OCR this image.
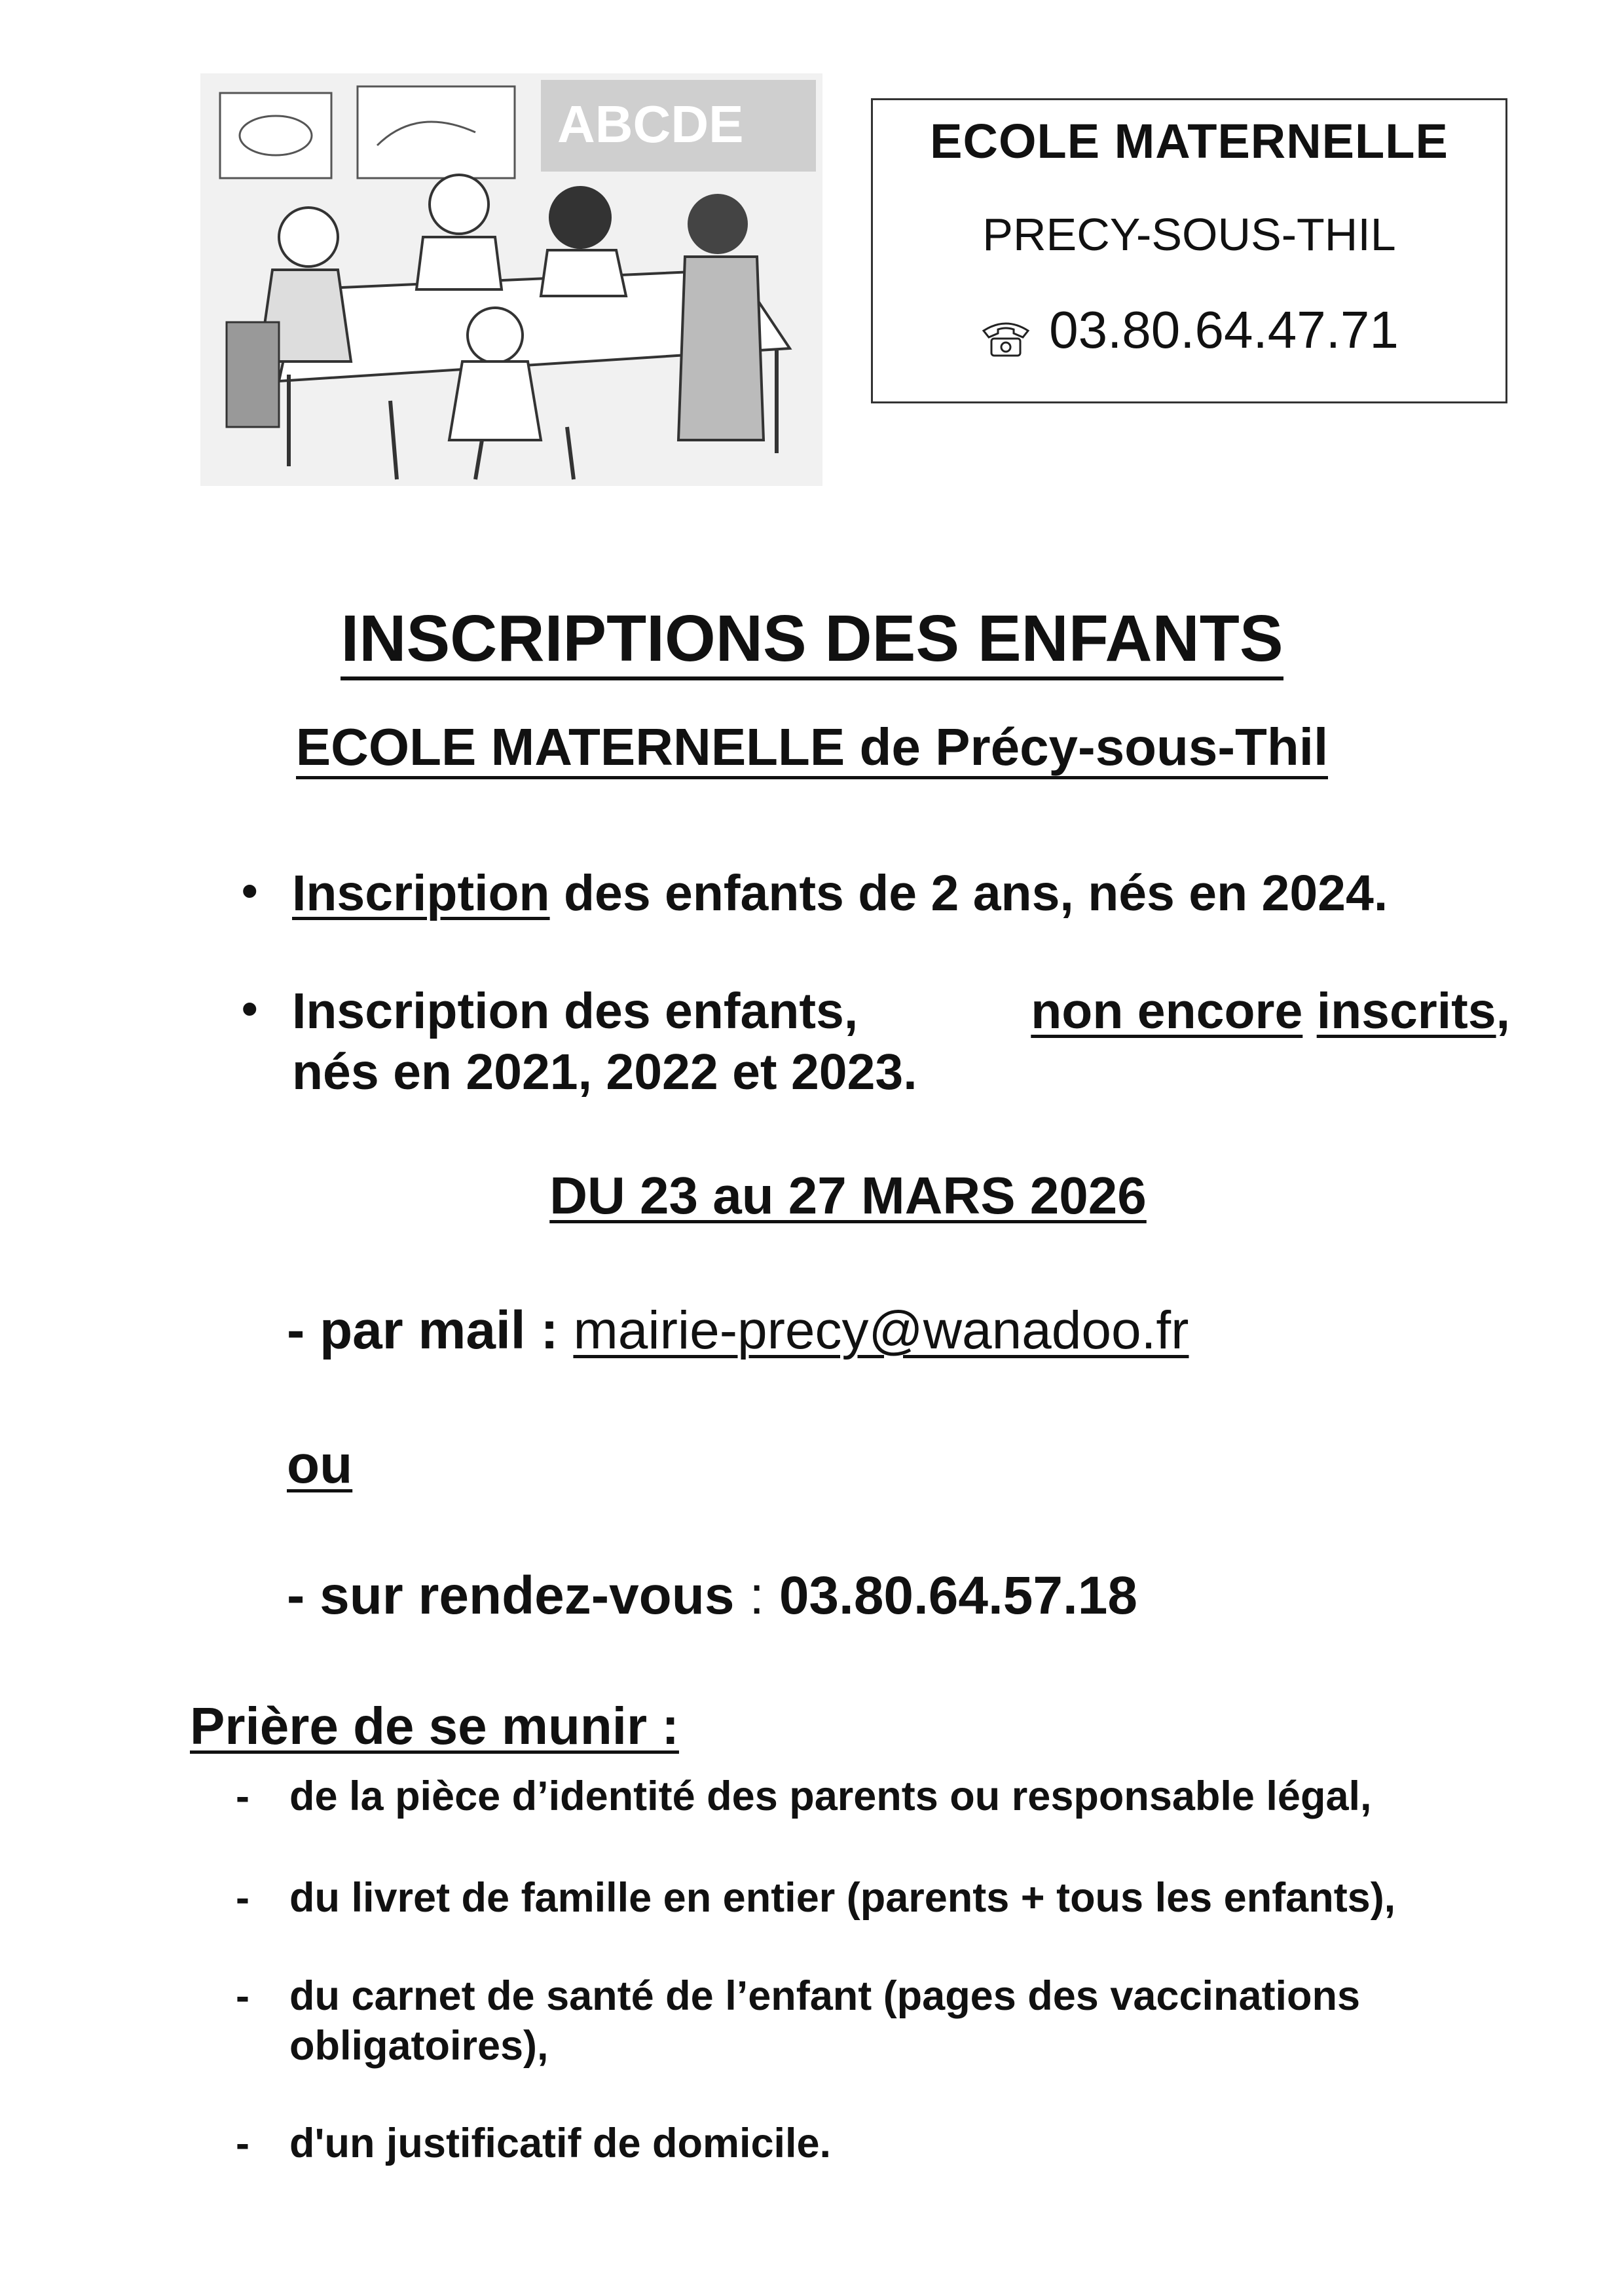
ABCDE	ECOLE MATERNELLE
PRECY-SOUS-THIL
03.80.64.47.71
INSCRIPTIONS DES ENFANTS
ECOLE MATERNELLE de Précy-sous-Thil
• Inscription des enfants de 2 ans, nés en 2024.
• Inscription des enfants,	non encore inscrits,
nés en 2021, 2022 et 2023.
DU 23 au 27 MARS 2026
- par mail : mairie-precy@wanadoo.fr
ou
- sur rendez-vous : 03.80.64.57.18
Prière de se munir :
- de la pièce d’identité des parents ou responsable légal,
- du livret de famille en entier (parents + tous les enfants),
- du carnet de santé de l’enfant (pages des vaccinations
obligatoires),
- d'un justificatif de domicile.
